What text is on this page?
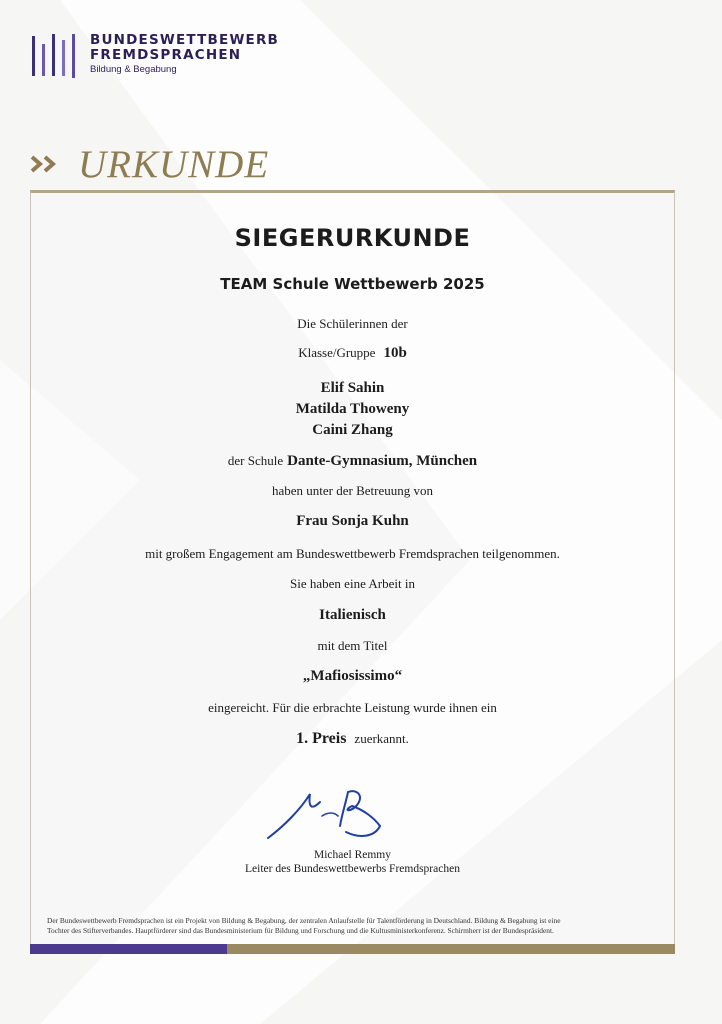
BUNDESWETTBEWERB
FREMDSPRACHEN
Bildung & Begabung
URKUNDE
SIEGERURKUNDE
TEAM Schule Wettbewerb 2025
Die Schülerinnen der
Klasse/Gruppe 10b
Elif Sahin
Matilda Thoweny
Caini Zhang
der Schule Dante-Gymnasium, München
haben unter der Betreuung von
Frau Sonja Kuhn
mit großem Engagement am Bundeswettbewerb Fremdsprachen teilgenommen.
Sie haben eine Arbeit in
Italienisch
mit dem Titel
„Mafiosissimo“
eingereicht. Für die erbrachte Leistung wurde ihnen ein
1. Preis zuerkannt.
Michael Remmy
Leiter des Bundeswettbewerbs Fremdsprachen
Der Bundeswettbewerb Fremdsprachen ist ein Projekt von Bildung & Begabung, der zentralen Anlaufstelle für Talentförderung in Deutschland. Bildung & Begabung ist eine
Tochter des Stifterverbandes. Hauptförderer sind das Bundesministerium für Bildung und Forschung und die Kultusministerkonferenz. Schirmherr ist der Bundespräsident.
